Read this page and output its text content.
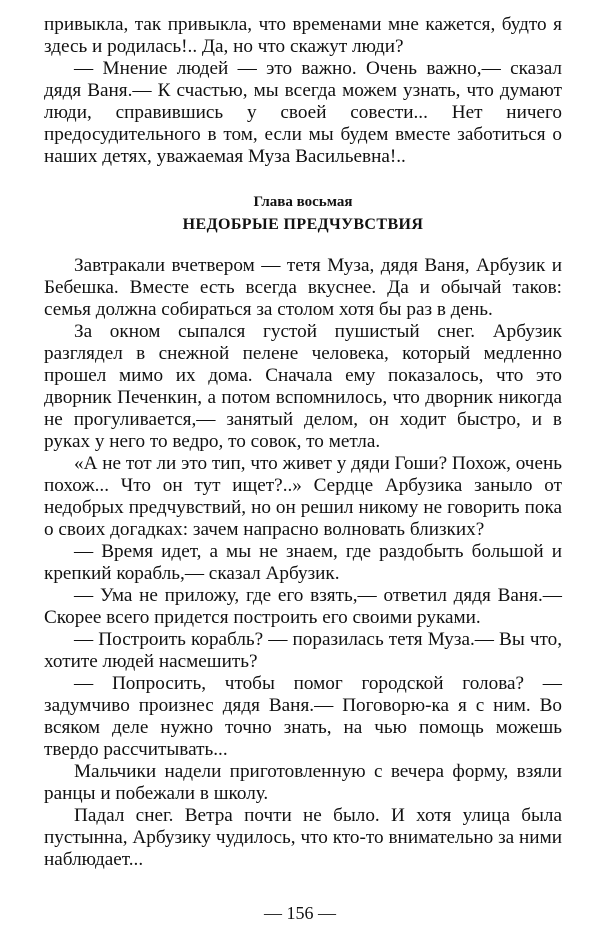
привыкла, так привыкла, что временами мне кажется, будто я здесь и родилась!.. Да, но что скажут люди?

— Мнение людей — это важно. Очень важно,— сказал дядя Ваня.— К счастью, мы всегда можем узнать, что думают люди, справившись у своей совести... Нет ничего предосудительного в том, если мы будем вместе заботиться о наших детях, уважаемая Муза Васильевна!..

Глава восьмая
НЕДОБРЫЕ ПРЕДЧУВСТВИЯ

Завтракали вчетвером — тетя Муза, дядя Ваня, Арбузик и Бебешка. Вместе есть всегда вкуснее. Да и обычай таков: семья должна собираться за столом хотя бы раз в день.

За окном сыпался густой пушистый снег. Арбузик разглядел в снежной пелене человека, который медленно прошел мимо их дома. Сначала ему показалось, что это дворник Печенкин, а потом вспомнилось, что дворник никогда не прогуливается,— занятый делом, он ходит быстро, и в руках у него то ведро, то совок, то метла.

«А не тот ли это тип, что живет у дяди Гоши? Похож, очень похож... Что он тут ищет?..» Сердце Арбузика заныло от недобрых предчувствий, но он решил никому не говорить пока о своих догадках: зачем напрасно волновать близких?

— Время идет, а мы не знаем, где раздобыть большой и крепкий корабль,— сказал Арбузик.

— Ума не приложу, где его взять,— ответил дядя Ваня.— Скорее всего придется построить его своими руками.

— Построить корабль? — поразилась тетя Муза.— Вы что, хотите людей насмешить?

— Попросить, чтобы помог городской голова? — задумчиво произнес дядя Ваня.— Поговорю-ка я с ним. Во всяком деле нужно точно знать, на чью помощь можешь твердо рассчитывать...

Мальчики надели приготовленную с вечера форму, взяли ранцы и побежали в школу.

Падал снег. Ветра почти не было. И хотя улица была пустынна, Арбузику чудилось, что кто-то внимательно за ними наблюдает...

— 156 —
